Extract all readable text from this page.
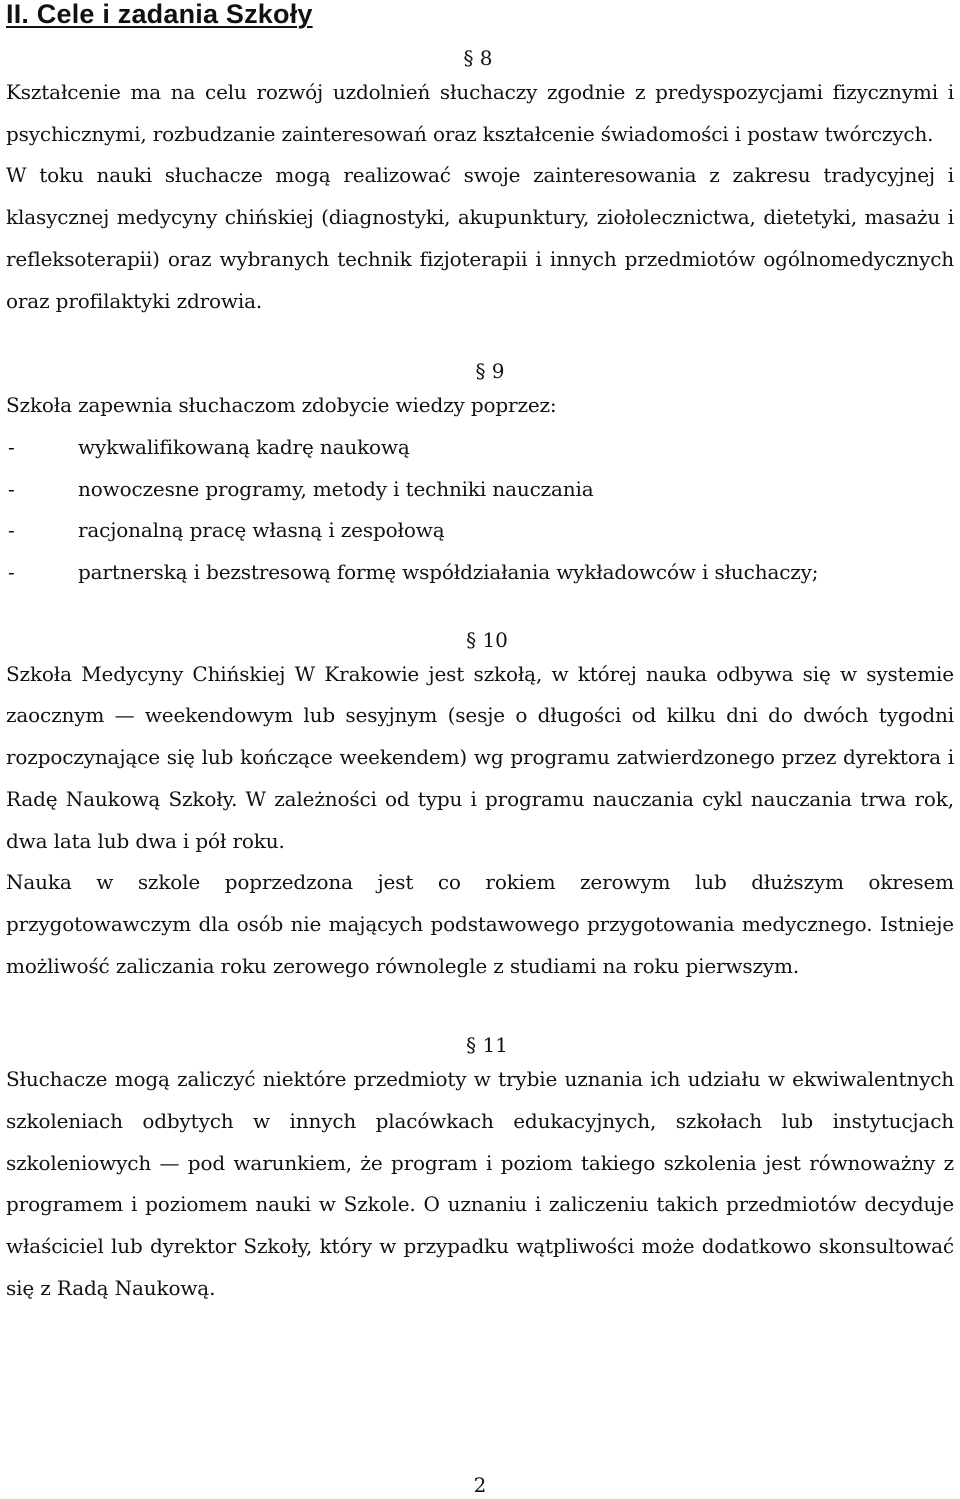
II. Cele i zadania Szkoły
§ 8

Kształcenie ma na celu rozwój uzdolnień słuchaczy zgodnie z predyspozycjami fizycznymi i psychicznymi, rozbudzanie zainteresowań oraz kształcenie świadomości i postaw twórczych.

W toku nauki słuchacze mogą realizować swoje zainteresowania z zakresu tradycyjnej i klasycznej medycyny chińskiej (diagnostyki, akupunktury, ziołolecznictwa, dietetyki, masażu i refleksoterapii) oraz wybranych technik fizjoterapii i innych przedmiotów ogólnomedycznych oraz profilaktyki zdrowia.

§ 9

Szkoła zapewnia słuchaczom zdobycie wiedzy poprzez:

-	wykwalifikowaną kadrę naukową
-	nowoczesne programy, metody i techniki nauczania
-	racjonalną pracę własną i zespołową
-	partnerską i bezstresową formę współdziałania wykładowców i słuchaczy;
§ 10

Szkoła Medycyny Chińskiej W Krakowie jest szkołą, w której nauka odbywa się w systemie zaocznym — weekendowym lub sesyjnym (sesje o długości od kilku dni do dwóch tygodni rozpoczynające się lub kończące weekendem) wg programu zatwierdzonego przez dyrektora i Radę Naukową Szkoły. W zależności od typu i programu nauczania cykl nauczania trwa rok, dwa lata lub dwa i pół roku.

Nauka w szkole poprzedzona jest co rokiem zerowym lub dłuższym okresem przygotowawczym dla osób nie mających podstawowego przygotowania medycznego. Istnieje możliwość zaliczania roku zerowego równolegle z studiami na roku pierwszym.

§ 11

Słuchacze mogą zaliczyć niektóre przedmioty w trybie uznania ich udziału w ekwiwalentnych szkoleniach odbytych w innych placówkach edukacyjnych, szkołach lub instytucjach szkoleniowych — pod warunkiem, że program i poziom takiego szkolenia jest równoważny z programem i poziomem nauki w Szkole. O uznaniu i zaliczeniu takich przedmiotów decyduje właściciel lub dyrektor Szkoły, który w przypadku wątpliwości może dodatkowo skonsultować się z Radą Naukową.

2
